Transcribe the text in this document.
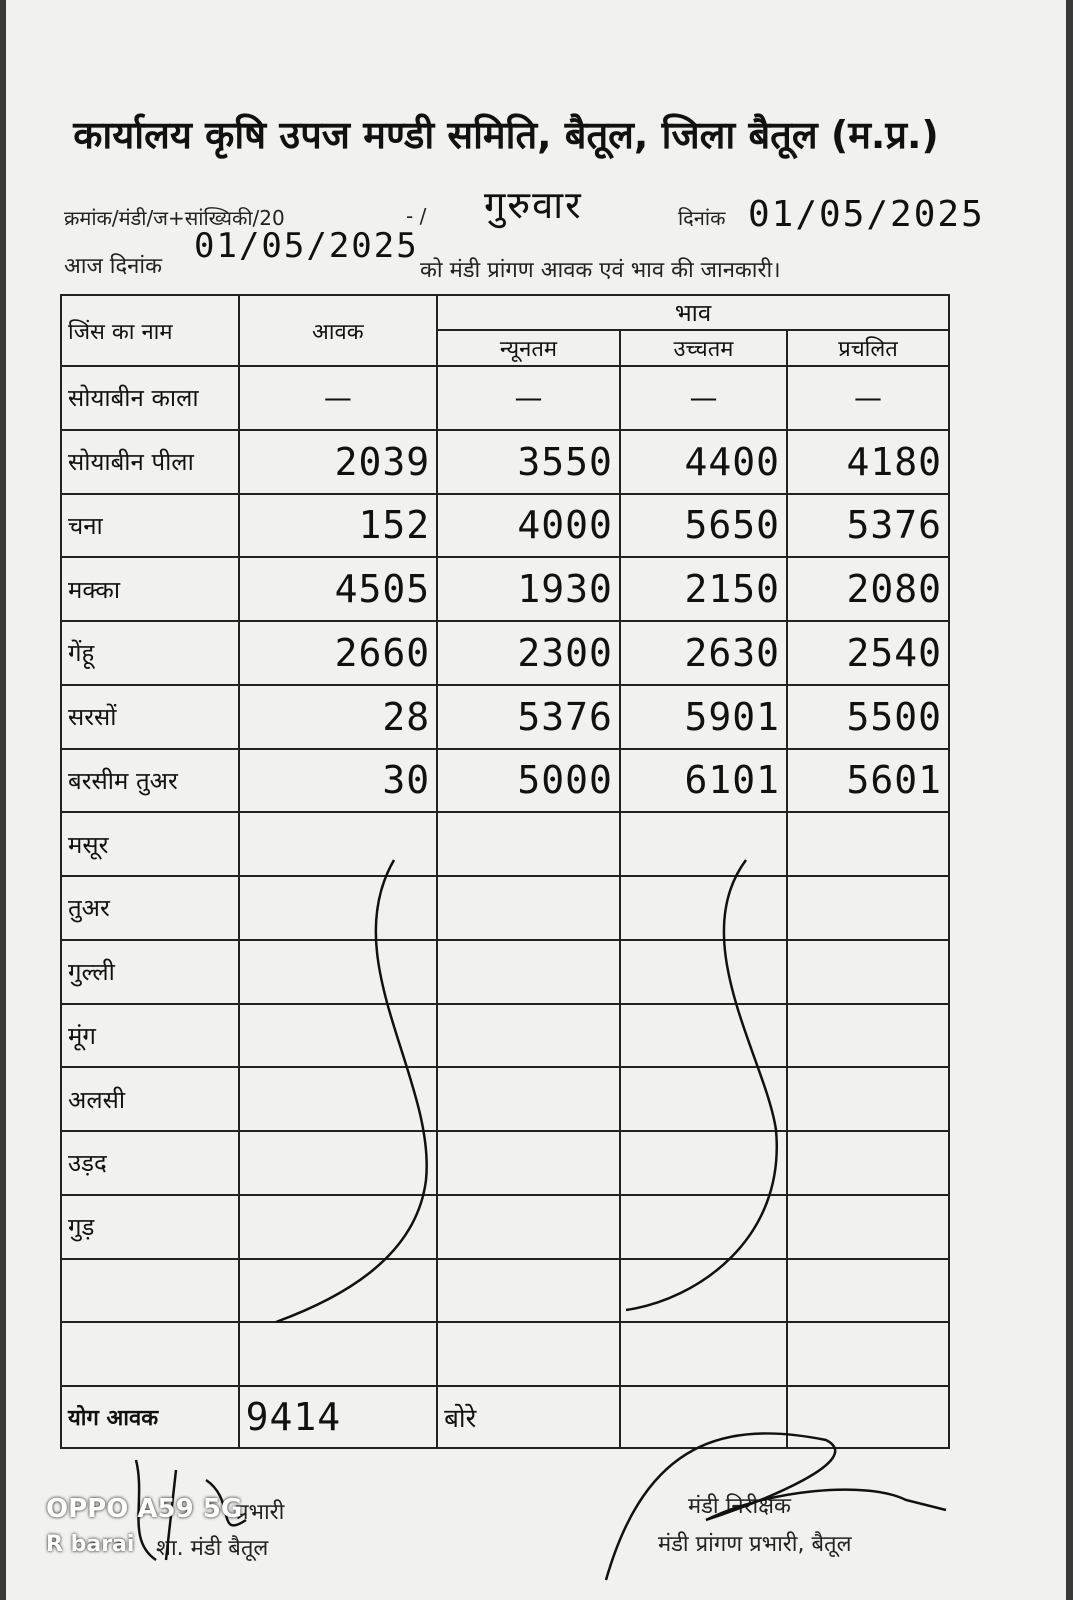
कार्यालय कृषि उपज मण्डी समिति, बैतूल, जिला बैतूल (म.प्र.)
क्रमांक/मंडी/ज+सांख्यिकी/20	- / गुरुवार	दिनांक 01/05/2025
आज दिनांक
01/05/2025
को मंडी प्रांगण आवक एवं भाव की जानकारी।
जिंस का नाम	आवक	भाव		
		न्यूनतम	उच्चतम	प्रचलित
सोयाबीन काला	—	—	—	—
सोयाबीन पीला	2039	3550	4400	4180
चना	152	4000	5650	5376
मक्का	4505	1930	2150	2080
गेंहू	2660	2300	2630	2540
सरसों	28	5376	5901	5500
बरसीम तुअर	30	5000	6101	5601
मसूर				
तुअर				
गुल्ली				
मूंग				
अलसी				
उड़द				
गुड़				

योग आवक	9414	बोरे		
प्रभारी
शा. मंडी बैतूल
मंडी निरीक्षक
मंडी प्रांगण प्रभारी, बैतूल
OPPO A59 5G
R barai
